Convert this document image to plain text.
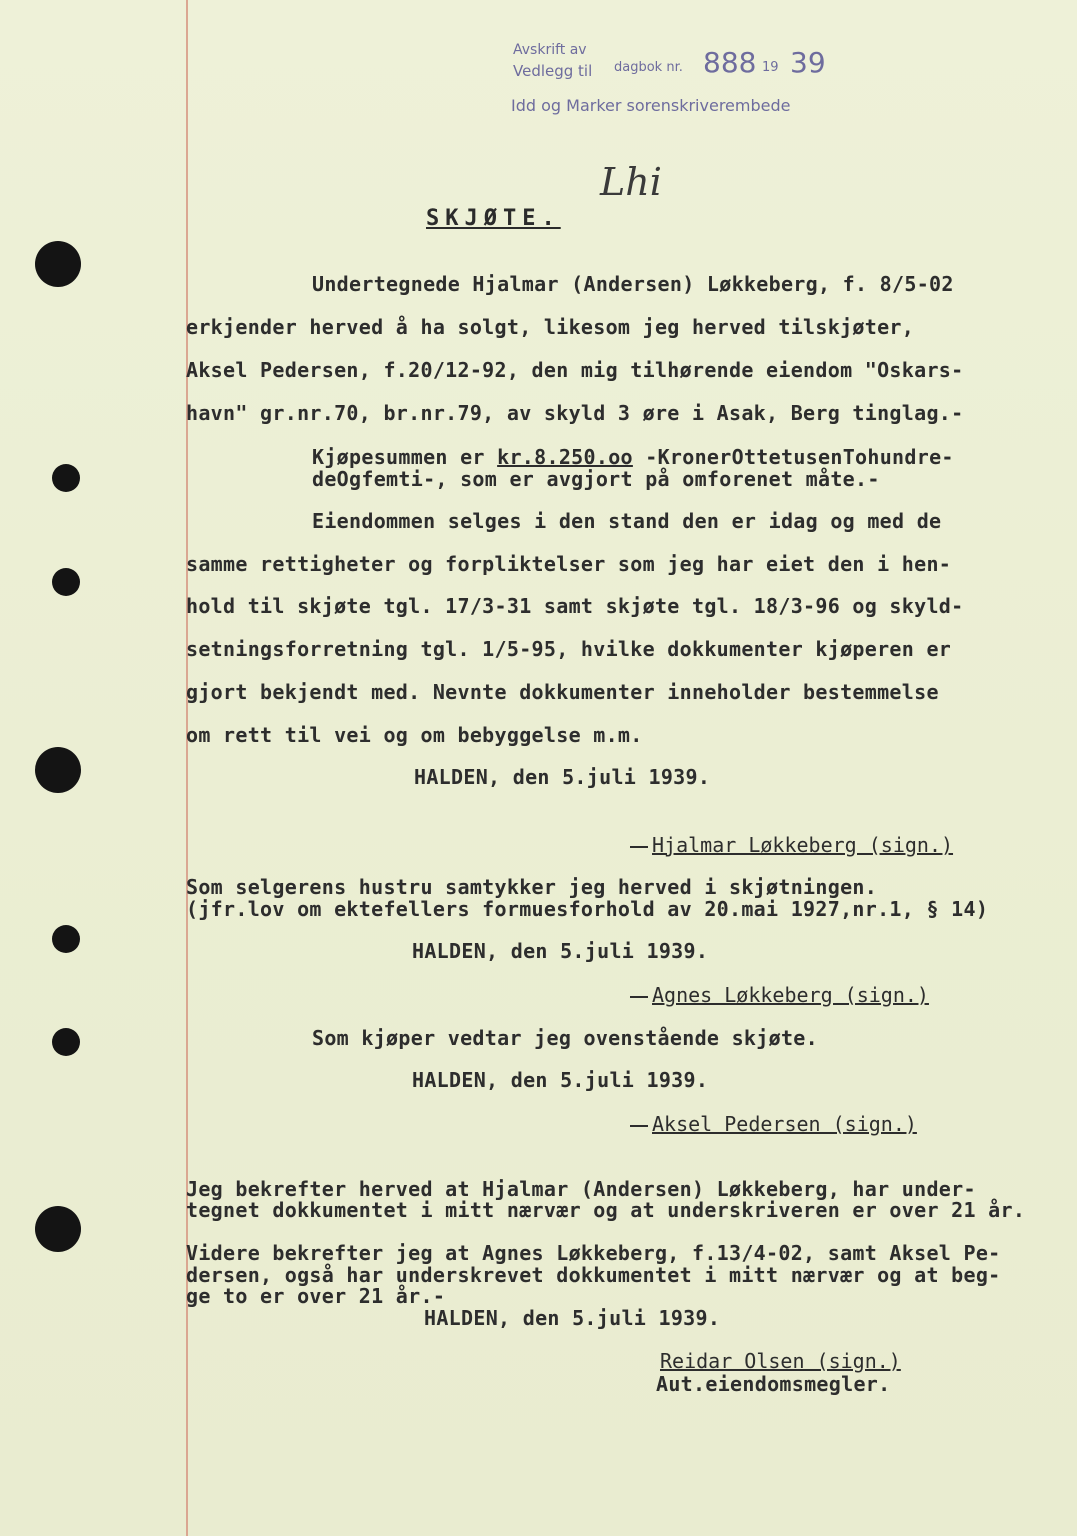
Avskrift av
Vedlegg til dagbok nr. 888 19 39
Idd og Marker sorenskriverembede
Lhi
SKJØTE.
Undertegnede Hjalmar (Andersen) Løkkeberg, f. 8/5-02
erkjender herved å ha solgt, likesom jeg herved tilskjøter,
Aksel Pedersen, f.20/12-92, den mig tilhørende eiendom "Oskars-
havn" gr.nr.70, br.nr.79, av skyld 3 øre i Asak, Berg tinglag.-
Kjøpesummen er kr.8.250.oo -KronerOttetusenTohundre-
deOgfemti-, som er avgjort på omforenet måte.-
Eiendommen selges i den stand den er idag og med de
samme rettigheter og forpliktelser som jeg har eiet den i hen-
hold til skjøte tgl. 17/3-31 samt skjøte tgl. 18/3-96 og skyld-
setningsforretning tgl. 1/5-95, hvilke dokkumenter kjøperen er
gjort bekjendt med. Nevnte dokkumenter inneholder bestemmelse
om rett til vei og om bebyggelse m.m.
HALDEN, den 5.juli 1939.
Hjalmar Løkkeberg (sign.)
Som selgerens hustru samtykker jeg herved i skjøtningen.
(jfr.lov om ektefellers formuesforhold av 20.mai 1927,nr.1, § 14)
HALDEN, den 5.juli 1939.
Agnes Løkkeberg (sign.)
Som kjøper vedtar jeg ovenstående skjøte.
HALDEN, den 5.juli 1939.
Aksel Pedersen (sign.)
Jeg bekrefter herved at Hjalmar (Andersen) Løkkeberg, har under-
tegnet dokkumentet i mitt nærvær og at underskriveren er over 21 år.
Videre bekrefter jeg at Agnes Løkkeberg, f.13/4-02, samt Aksel Pe-
dersen, også har underskrevet dokkumentet i mitt nærvær og at beg-
ge to er over 21 år.-
HALDEN, den 5.juli 1939.
Reidar Olsen (sign.)
Aut.eiendomsmegler.
